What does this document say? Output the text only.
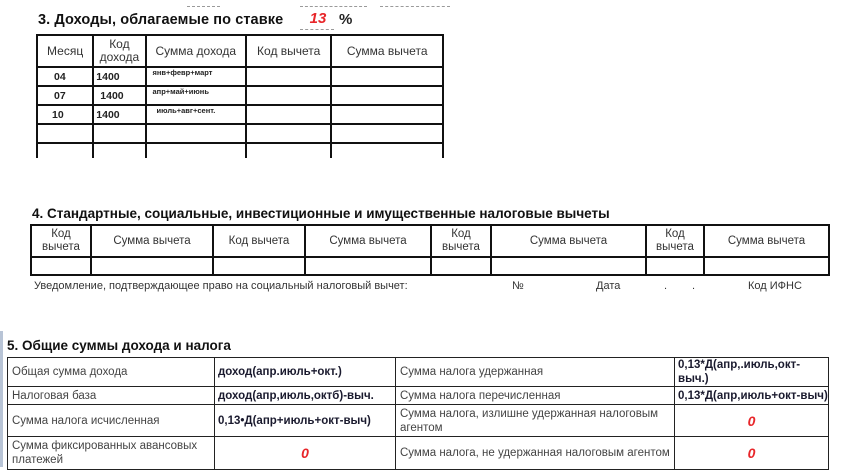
3. Доходы, облагаемые по ставке	13 %
Месяц	Код дохода	Сумма дохода	Код вычета	Сумма вычета
04	1400	янв+февр+март		
07	1400	апр+май+июнь		
10	1400	июль+авг+сент.		

4. Стандартные, социальные, инвестиционные и имущественные налоговые вычеты
Код вычета	Сумма вычета	Код вычета	Сумма вычета	Код вычета	Сумма вычета	Код вычета	Сумма вычета

Уведомление, подтверждающее право на социальный налоговый вычет:	№	Дата	. .	Код ИФНС
5. Общие суммы дохода и налога
Общая сумма дохода	доход(апр.июль+окт.)	Сумма налога удержанная	0,13*Д(апр,.июль,окт-выч.)
Налоговая база	доход(апр,июль,октб)-выч.	Сумма налога перечисленная	0,13*Д(апр,июль+окт-выч)
Сумма налога исчисленная	0,13•Д(апр+июль+окт-выч)	Сумма налога, излишне удержанная налоговым агентом	0
Сумма фиксированных авансовых платежей	0	Сумма налога, не удержанная налоговым агентом	0
